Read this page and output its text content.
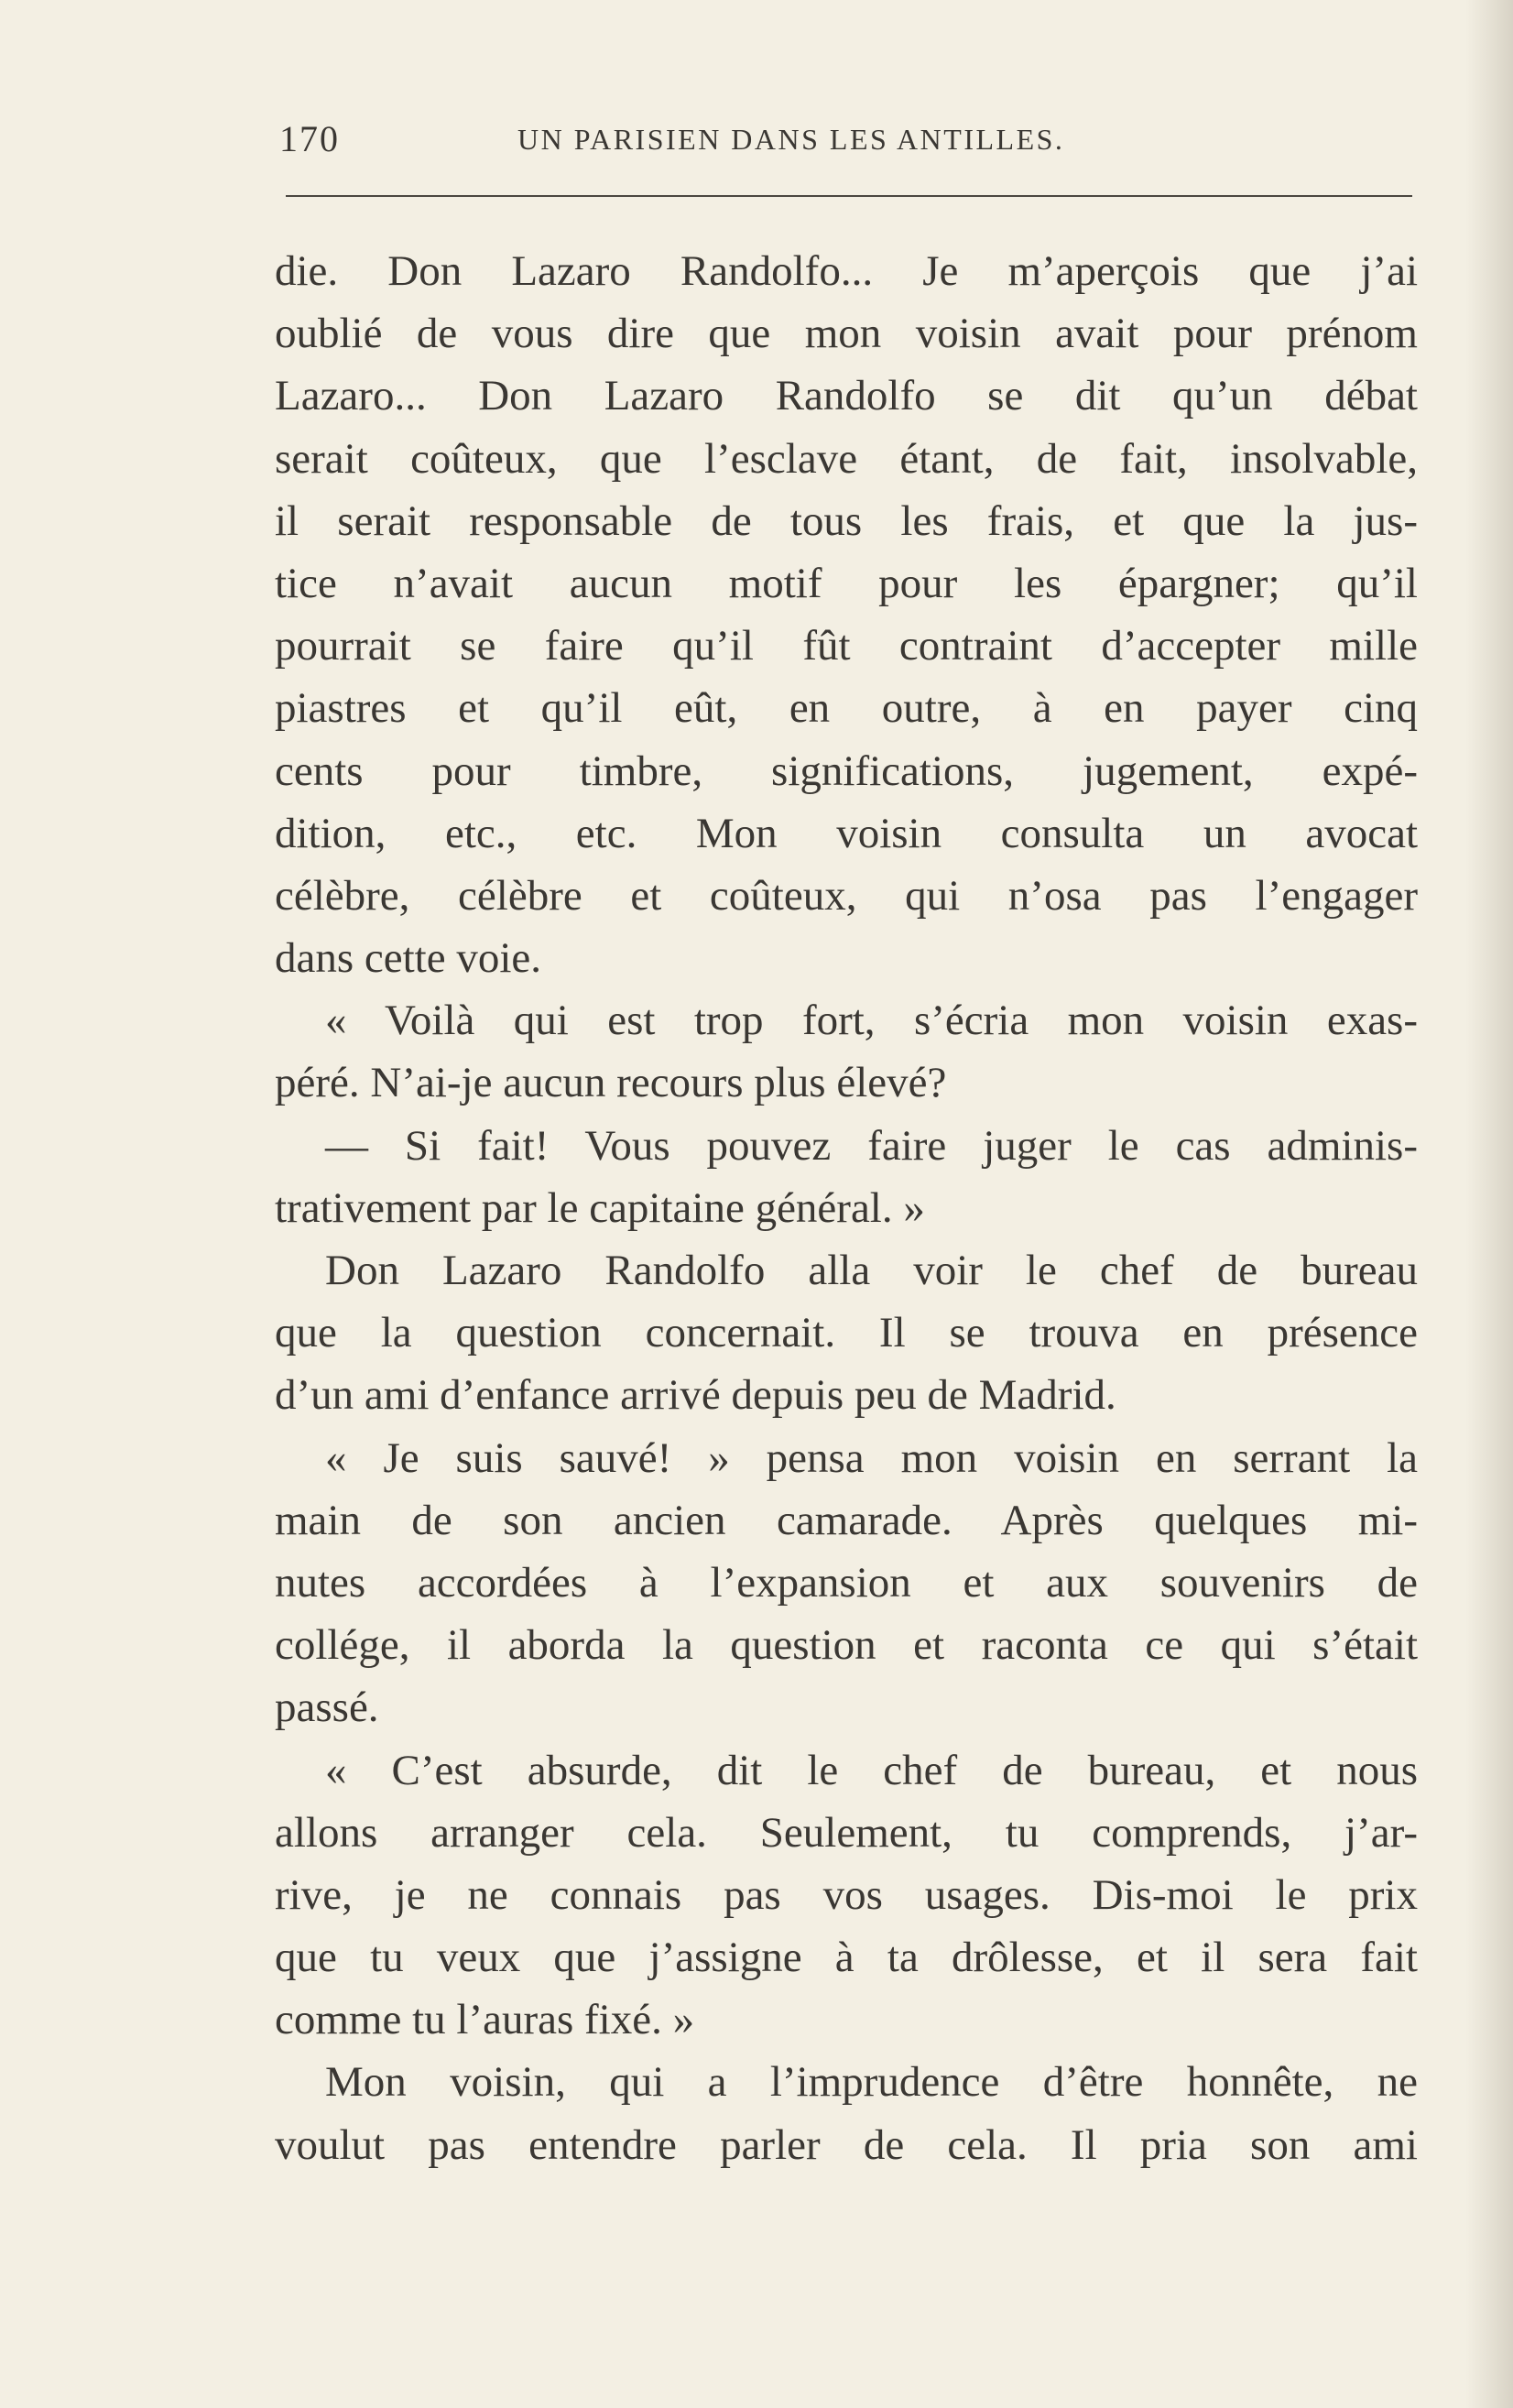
170	UN PARISIEN DANS LES ANTILLES.
die. Don Lazaro Randolfo... Je m’aperçois que j’ai
oublié de vous dire que mon voisin avait pour prénom
Lazaro... Don Lazaro Randolfo se dit qu’un débat
serait coûteux, que l’esclave étant, de fait, insolvable,
il serait responsable de tous les frais, et que la jus-
tice n’avait aucun motif pour les épargner; qu’il
pourrait se faire qu’il fût contraint d’accepter mille
piastres et qu’il eût, en outre, à en payer cinq
cents pour timbre, significations, jugement, expé-
dition, etc., etc. Mon voisin consulta un avocat
célèbre, célèbre et coûteux, qui n’osa pas l’engager
dans cette voie.
« Voilà qui est trop fort, s’écria mon voisin exas-
péré. N’ai-je aucun recours plus élevé?
— Si fait! Vous pouvez faire juger le cas adminis-
trativement par le capitaine général. »
Don Lazaro Randolfo alla voir le chef de bureau
que la question concernait. Il se trouva en présence
d’un ami d’enfance arrivé depuis peu de Madrid.
« Je suis sauvé! » pensa mon voisin en serrant la
main de son ancien camarade. Après quelques mi-
nutes accordées à l’expansion et aux souvenirs de
collége, il aborda la question et raconta ce qui s’était
passé.
« C’est absurde, dit le chef de bureau, et nous
allons arranger cela. Seulement, tu comprends, j’ar-
rive, je ne connais pas vos usages. Dis-moi le prix
que tu veux que j’assigne à ta drôlesse, et il sera fait
comme tu l’auras fixé. »
Mon voisin, qui a l’imprudence d’être honnête, ne
voulut pas entendre parler de cela. Il pria son ami
